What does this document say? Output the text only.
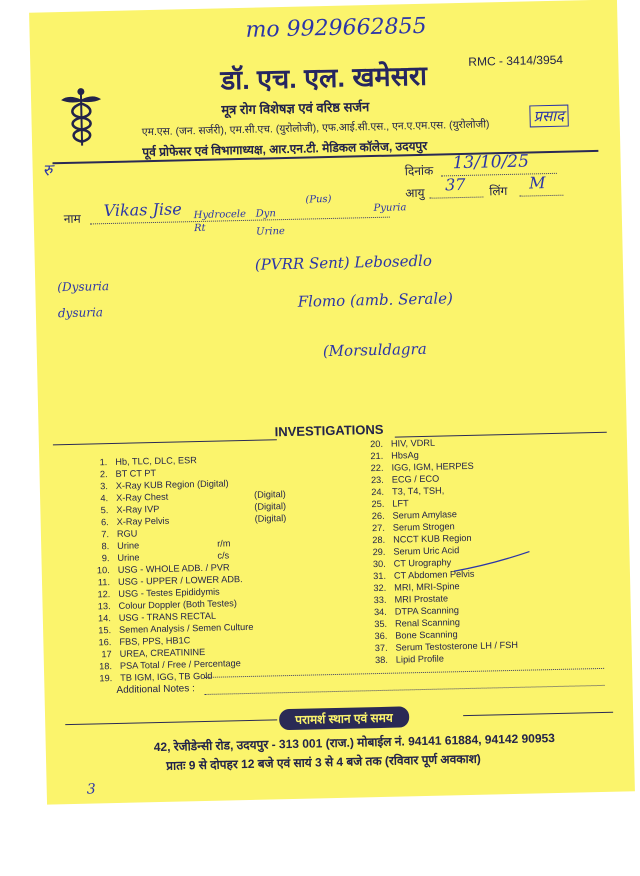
mo 9929662855
डॉ. एच. एल. खमेसरा
RMC - 3414/3954
मूत्र रोग विशेषज्ञ एवं वरिष्ठ सर्जन
एम.एस. (जन. सर्जरी), एम.सी.एच. (युरोलोजी), एफ.आई.सी.एस., एन.ए.एम.एस. (युरोलोजी)
प्रसाद
पूर्व प्रोफेसर एवं विभागाध्यक्ष, आर.एन.टी. मेडिकल कॉलेज, उदयपुर
रु	दिनांक 13/10/25
आयु 37 लिंग M
नाम Vikas Jise Hydrocele
Rt
Dyn
Urine
(Pus)
Pyuria
(Dysuria
dysuria
(PVRR Sent) Lebosedlo
Flomo (amb. Serale)
(Morsuldagra
INVESTIGATIONS
1. Hb, TLC, DLC, ESR
2. BT CT PT
3. X-Ray KUB Region (Digital)
4. X-Ray Chest
5. X-Ray IVP
6. X-Ray Pelvis
7. RGU
8. Urine
9. Urine
10. USG - WHOLE ADB. / PVR
11. USG - UPPER / LOWER ADB.
12. USG - Testes Epididymis
13. Colour Doppler (Both Testes)
14. USG - TRANS RECTAL
15. Semen Analysis / Semen Culture
16. FBS, PPS, HB1C
17 UREA, CREATININE
18. PSA Total / Free / Percentage
19. TB IGM, IGG, TB Gold
(Digital)
(Digital)
(Digital)
r/m
c/s
20. HIV, VDRL
21. HbsAg
22. IGG, IGM, HERPES
23. ECG / ECO
24. T3, T4, TSH,
25. LFT
26. Serum Amylase
27. Serum Strogen
28. NCCT KUB Region
29. Serum Uric Acid
30. CT Urography
31. CT Abdomen Pelvis
32. MRI, MRI-Spine
33. MRI Prostate
34. DTPA Scanning
35. Renal Scanning
36. Bone Scanning
37. Serum Testosterone LH / FSH
38. Lipid Profile
Additional Notes :
परामर्श स्थान एवं समय
42, रेजीडेन्सी रोड, उदयपुर - 313 001 (राज.) मोबाईल नं. 94141 61884, 94142 90953
प्रातः 9 से दोपहर 12 बजे एवं सायं 3 से 4 बजे तक (रविवार पूर्ण अवकाश)
3
